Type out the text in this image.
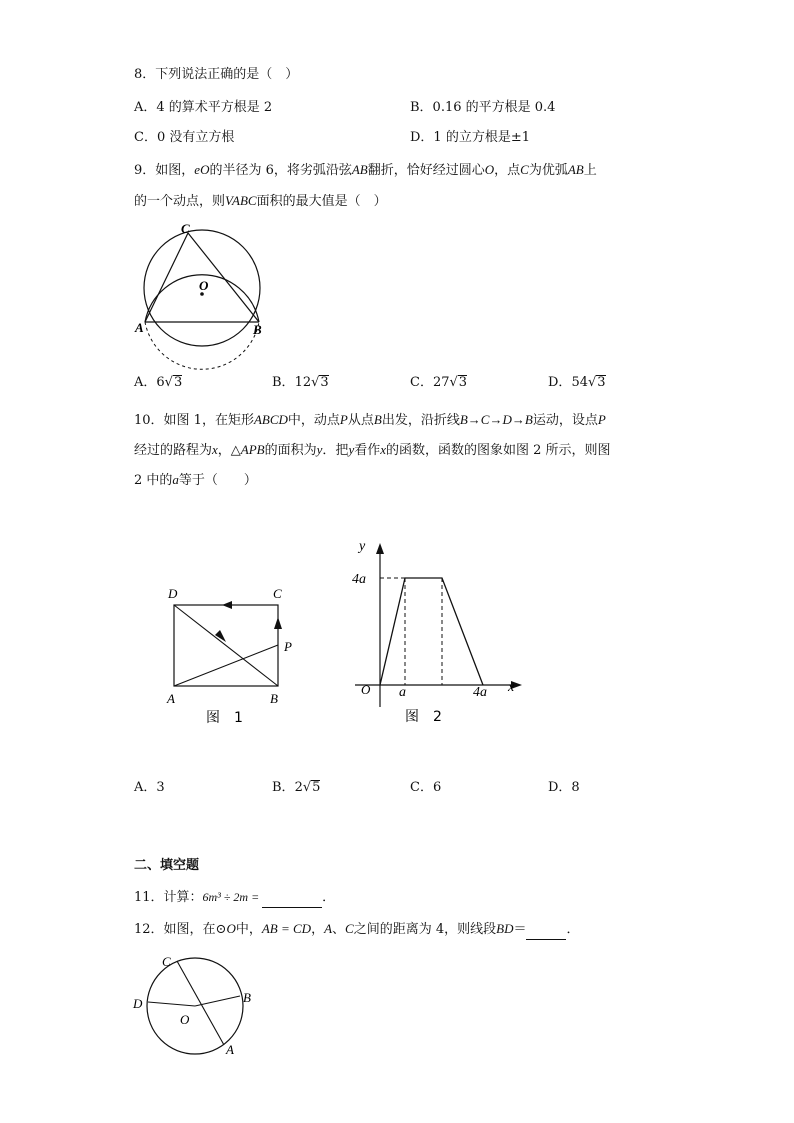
8．下列说法正确的是（　）
A．4 的算术平方根是 2	B．0.16 的平方根是 0.4
C．0 没有立方根	D．1 的立方根是±1
9．如图，eO的半径为 6，将劣弧沿弦AB翻折，恰好经过圆心O，点C为优弧AB上
的一个动点，则VABC面积的最大值是（　）
C
O
A	B
A．6√3	B．12√3	C．27√3	D．54√3
10．如图 1，在矩形ABCD中，动点P从点B出发，沿折线B→C→D→B运动，设点P
经过的路程为x，△APB的面积为y．把y看作x的函数，函数的图象如图 2 所示，则图
2 中的a等于（　　）
D	C
P
A	B
图　1
y
4a
O a	4a x
图　2
A．3	B．2√5	C．6	D．8
二、填空题
11．计算：6m³ ÷ 2m =	．
12．如图，在⊙O中，AB = CD，A、C之间的距离为 4，则线段BD＝	．
C
D
O
B
A
